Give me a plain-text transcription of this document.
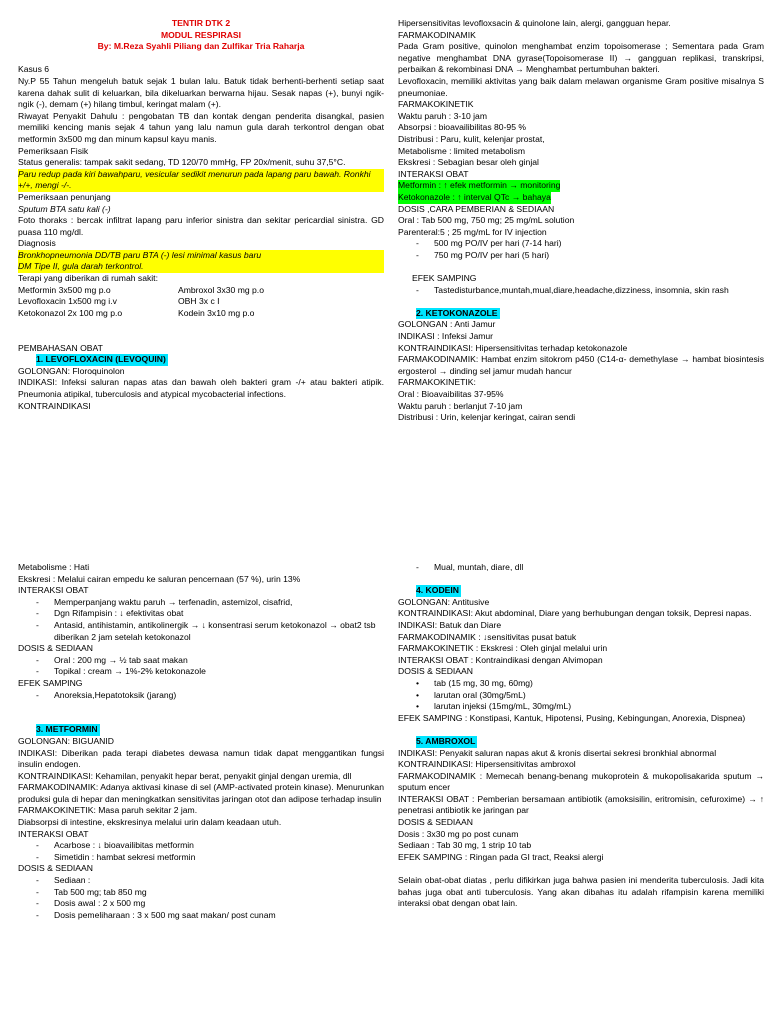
TENTIR DTK 2
MODUL RESPIRASI
By: M.Reza Syahli Piliang dan Zulfikar Tria Raharja
Kasus 6
Ny.P 55 Tahun mengeluh batuk sejak 1 bulan lalu. Batuk tidak berhenti-berhenti setiap saat karena dahak sulit di keluarkan, bila dikeluarkan berwarna hijau. Sesak napas (+), bunyi ngik-ngik (-), demam (+) hilang timbul, keringat malam (+).
Riwayat Penyakit Dahulu : pengobatan TB dan kontak dengan penderita disangkal, pasien memiliki kencing manis sejak 4 tahun yang lalu namun gula darah terkontrol dengan obat metformin 3x500 mg dan minum kapsul kayu manis.
Pemeriksaan Fisik
Status generalis: tampak sakit sedang, TD 120/70 mmHg, FP 20x/menit, suhu 37,5°C.
Paru redup pada kiri bawahparu, vesicular sedikit menurun pada lapang paru bawah. Ronkhi +/+, mengi -/-.
Pemeriksaan penunjang
Sputum BTA satu kali (-)
Foto thoraks : bercak infiltrat lapang paru inferior sinistra dan sekitar pericardial sinistra. GD puasa 110 mg/dl.
Diagnosis
Bronkhopneumonia DD/TB paru BTA (-) lesi minimal kasus baru
DM Tipe II, gula darah terkontrol.
Terapi yang diberikan di rumah sakit:
Metformin 3x500 mg p.o	Ambroxol 3x30 mg p.o
Levofloxacin 1x500 mg i.v	OBH 3x c I
Ketokonazol 2x 100 mg p.o	Kodein 3x10 mg p.o
PEMBAHASAN OBAT
1. LEVOFLOXACIN (LEVOQUIN)
GOLONGAN: Floroquinolon
INDIKASI: Infeksi saluran napas atas dan bawah oleh bakteri gram -/+ atau bakteri atipik. Pneumonia atipikal, tuberculosis and atypical mycobacterial infections.
KONTRAINDIKASI
Metabolisme : Hati
Ekskresi : Melalui cairan empedu ke saluran pencernaan (57 %), urin 13%
INTERAKSI OBAT
- Memperpanjang waktu paruh → terfenadin, astemizol, cisafrid,
- Dgn Rifampisin : ↓ efektivitas obat
- Antasid, antihistamin, antikolinergik → ↓ konsentrasi serum ketokonazol → obat2 tsb diberikan 2 jam setelah ketokonazol
DOSIS & SEDIAAN
- Oral : 200 mg → ½ tab saat makan
- Topikal : cream → 1%-2% ketokonazole
EFEK SAMPING
- Anoreksia,Hepatotoksik (jarang)
3. METFORMIN
GOLONGAN: BIGUANID
INDIKASI: Diberikan pada terapi diabetes dewasa namun tidak dapat menggantikan fungsi insulin endogen.
KONTRAINDIKASI: Kehamilan, penyakit hepar berat, penyakit ginjal dengan uremia, dll
FARMAKODINAMIK: Adanya aktivasi kinase di sel (AMP-activated protein kinase). Menurunkan produksi gula di hepar dan meningkatkan sensitivitas jaringan otot dan adipose terhadap insulin
FARMAKOKINETIK: Masa paruh sekitar 2 jam.
Diabsorpsi di intestine, ekskresinya melalui urin dalam keadaan utuh.
INTERAKSI OBAT
- Acarbose : ↓ bioavailibitas metformin
- Simetidin : hambat sekresi metformin
DOSIS & SEDIAAN
- Sediaan :
- Tab 500 mg; tab 850 mg
- Dosis awal : 2 x 500 mg
- Dosis pemeliharaan : 3 x 500 mg saat makan/ post cunam
Hipersensitivitas levofloxsacin & quinolone lain, alergi, gangguan hepar.
FARMAKODINAMIK
Pada Gram positive, quinolon menghambat enzim topoisomerase ; Sementara pada Gram negative menghambat DNA gyrase(Topoisomerase II) → gangguan replikasi, transkripsi, perbaikan & rekombinasi DNA → Menghambat pertumbuhan bakteri.
Levofloxacin, memiliki aktivitas yang baik dalam melawan organisme Gram positive misalnya S pneumoniae.
FARMAKOKINETIK
Waktu paruh : 3-10 jam
Absorpsi : bioavailibilitas 80-95 %
Distribusi : Paru, kulit, kelenjar prostat,
Metabolisme : limited metabolism
Ekskresi : Sebagian besar oleh ginjal
INTERAKSI OBAT
Metformin : ↑ efek metformin → monitoring
Ketokonazole : ↑ interval QTc → bahaya
DOSIS ,CARA PEMBERIAN & SEDIAAN
Oral : Tab 500 mg, 750 mg; 25 mg/mL solution
Parenteral:5 ; 25 mg/mL for IV injection
- 500 mg PO/IV per hari (7-14 hari)
- 750 mg PO/IV per hari (5 hari)
EFEK SAMPING
- Tastedisturbance,muntah,mual,diare,headache,dizziness, insomnia, skin rash
2. KETOKONAZOLE
GOLONGAN : Anti Jamur
INDIKASI : Infeksi Jamur
KONTRAINDIKASI: Hipersensitivitas terhadap ketokonazole
FARMAKODINAMIK: Hambat enzim sitokrom p450 (C14-α- demethylase → hambat biosintesis ergosterol → dinding sel jamur mudah hancur
FARMAKOKINETIK:
Oral : Bioavaibilitas 37-95%
Waktu paruh : berlanjut 7-10 jam
Distribusi : Urin, kelenjar keringat, cairan sendi
- Mual, muntah, diare, dll
4. KODEIN
GOLONGAN: Antitusive
KONTRAINDIKASI: Akut abdominal, Diare yang berhubungan dengan toksik, Depresi napas.
INDIKASI: Batuk dan Diare
FARMAKODINAMIK : ↓sensitivitas pusat batuk
FARMAKOKINETIK : Ekskresi : Oleh ginjal melalui urin
INTERAKSI OBAT : Kontraindikasi dengan Alvimopan
DOSIS & SEDIAAN
• tab (15 mg, 30 mg, 60mg)
• larutan oral (30mg/5mL)
• larutan injeksi (15mg/mL, 30mg/mL)
EFEK SAMPING : Konstipasi, Kantuk, Hipotensi, Pusing, Kebingungan, Anorexia, Dispnea)
5. AMBROXOL
INDIKASI: Penyakit saluran napas akut & kronis disertai sekresi bronkhial abnormal
KONTRAINDIKASI: Hipersensitivitas ambroxol
FARMAKODINAMIK : Memecah benang-benang mukoprotein & mukopolisakarida sputum → sputum encer
INTERAKSI OBAT : Pemberian bersamaan antibiotik (amoksisilin, eritromisin, cefuroxime) → ↑ penetrasi antibiotik ke jaringan par
DOSIS & SEDIAAN
Dosis : 3x30 mg po post cunam
Sediaan : Tab 30 mg, 1 strip 10 tab
EFEK SAMPING : Ringan pada GI tract, Reaksi alergi
Selain obat-obat diatas , perlu difikirkan juga bahwa pasien ini menderita tuberculosis. Jadi kita bahas juga obat anti tuberculosis. Yang akan dibahas itu adalah rifampisin karena memiliki interaksi obat dengan obat lain.
